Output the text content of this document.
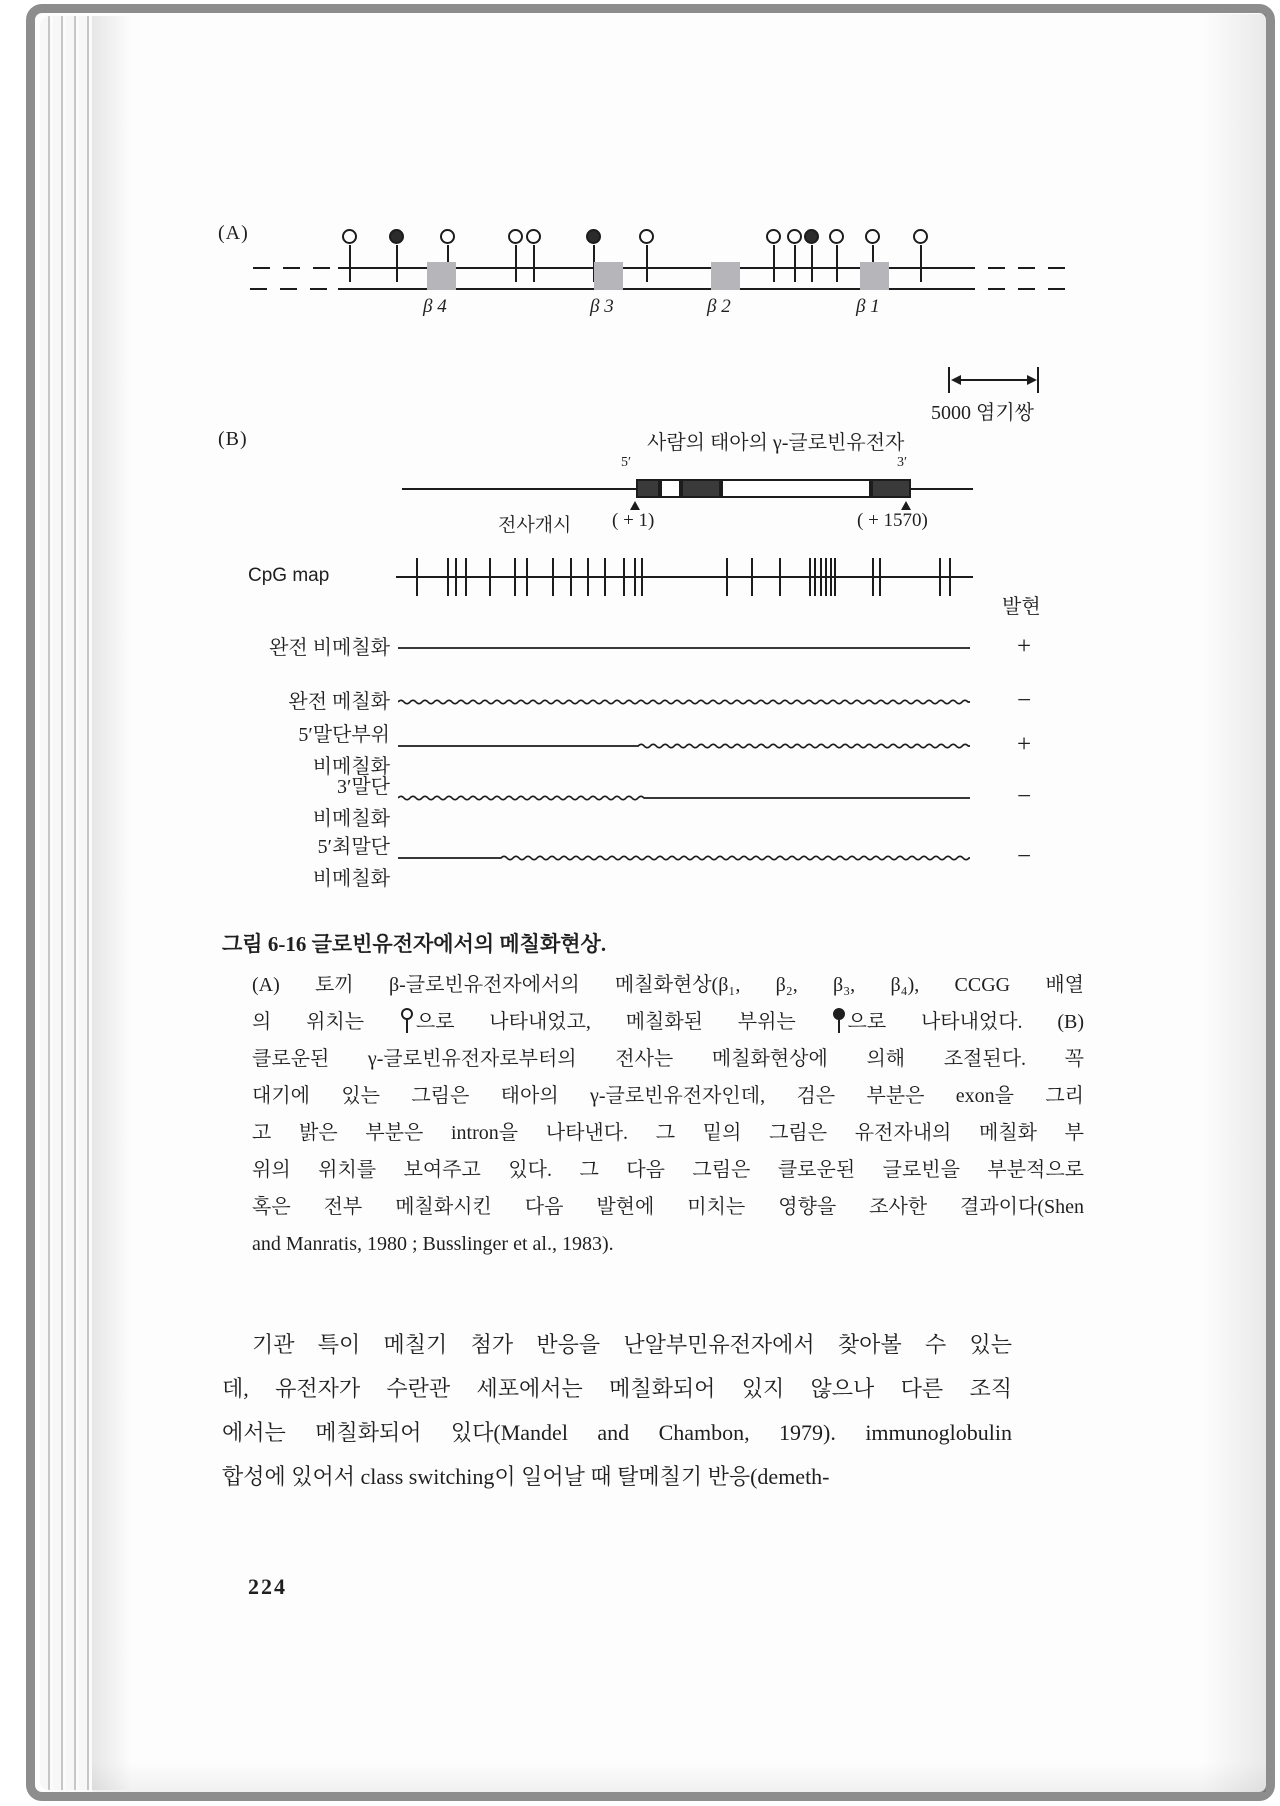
(A)
5000 염기쌍
(B)	사람의 태아의 γ-글로빈유전자
5′	3′
전사개시 ( + 1)	( + 1570)
CpG map
발현
그림 6-16 글로빈유전자에서의 메칠화현상.
(A) 토끼 β-글로빈유전자에서의 메칠화현상(β₁, β₂, β₃, β₄), CCGG 배열
의 위치는
으로 나타내었고, 메칠화된 부위는
으로 나타내었다. (B)
클로운된 γ-글로빈유전자로부터의 전사는 메칠화현상에 의해 조절된다. 꼭
대기에 있는 그림은 태아의 γ-글로빈유전자인데, 검은 부분은 exon을 그리
고 밝은 부분은 intron을 나타낸다. 그 밑의 그림은 유전자내의 메칠화 부
위의 위치를 보여주고 있다. 그 다음 그림은 클로운된 글로빈을 부분적으로
혹은 전부 메칠화시킨 다음 발현에 미치는 영향을 조사한 결과이다(Shen
and Manratis, 1980 ; Busslinger et al., 1983).
기관 특이 메칠기 첨가 반응을 난알부민유전자에서 찾아볼 수 있는
데, 유전자가 수란관 세포에서는 메칠화되어 있지 않으나 다른 조직
에서는 메칠화되어 있다(Mandel and Chambon, 1979). immunoglobulin
합성에 있어서 class switching이 일어날 때 탈메칠기 반응(demeth-
224
β 4	β 3	β 2	β 1
완전 비메칠화	+
완전 메칠화	−
5′말단부위
비메칠화
+
3′말단
비메칠화
−
5′최말단
비메칠화
−
